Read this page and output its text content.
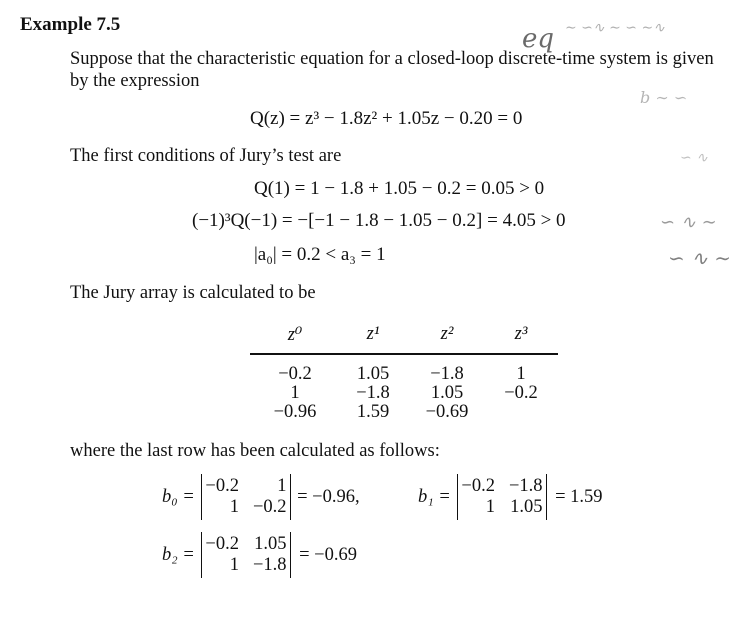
eq ∼ ∽∿ ∼ ∽ ∼∿
b ∼ ∽
∽ ∿
∽ ∿ ∼
∽ ∿ ∼
Example 7.5
Suppose that the characteristic equation for a closed-loop discrete-time system is given
by the expression
Q(z) = z³ − 1.8z² + 1.05z − 0.20 = 0
The first conditions of Jury’s test are
Q(1) = 1 − 1.8 + 1.05 − 0.2 = 0.05 > 0
(−1)³Q(−1) = −[−1 − 1.8 − 1.05 − 0.2] = 4.05 > 0
|a₀| = 0.2 < a₃ = 1
The Jury array is calculated to be
z⁰	z¹	z²	z³
−0.2	1.05	−1.8	1
1	−1.8	1.05	−0.2
−0.96	1.59	−0.69
where the last row has been calculated as follows:
b₀ =
−0.2	1
1 −0.2
= −0.96,	b₁ =
−0.2 −1.8
1 1.05
= 1.59
b₂ =
−0.2 1.05
1 −1.8
= −0.69
